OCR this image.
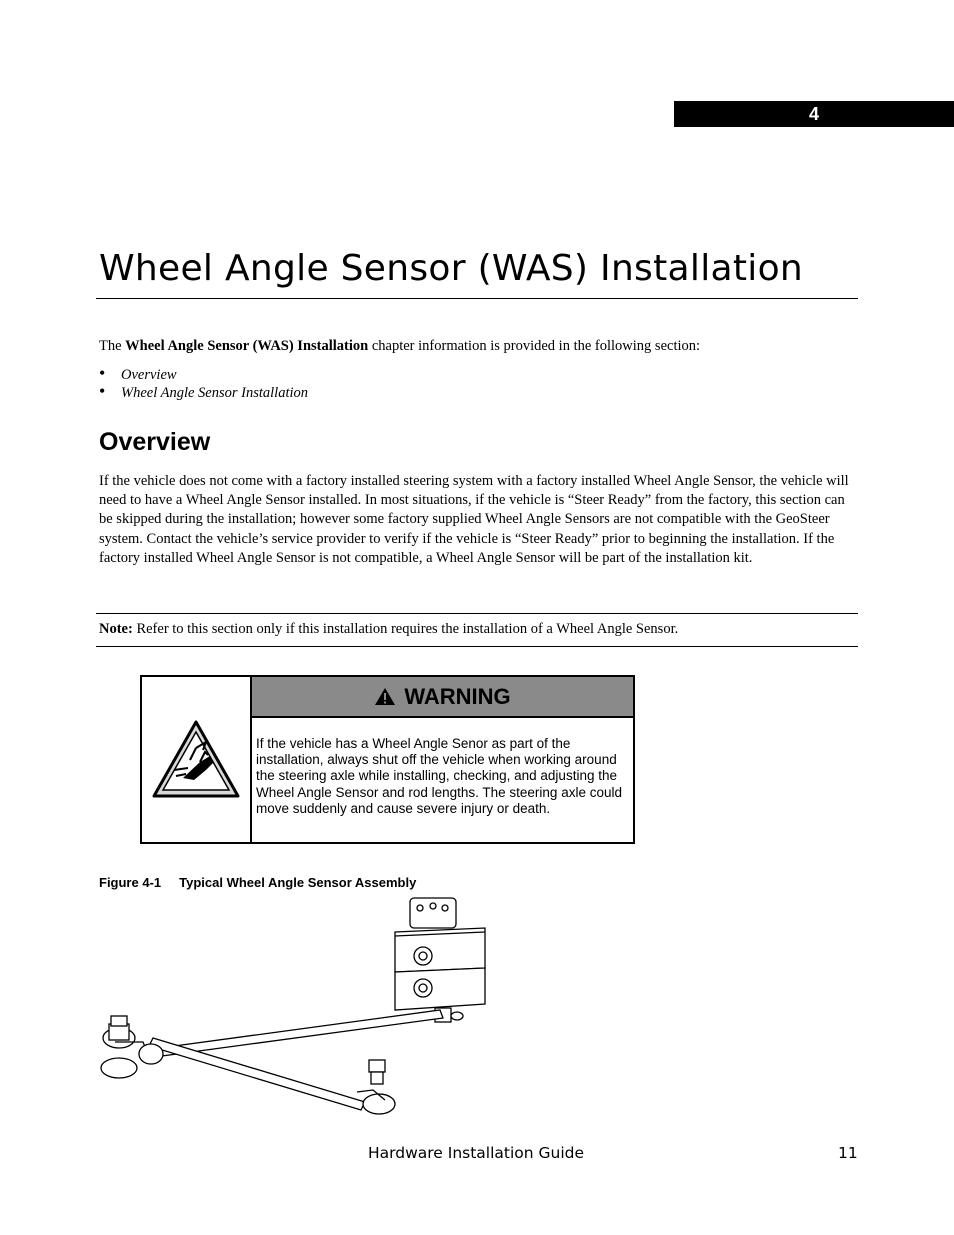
4
Wheel Angle Sensor (WAS) Installation
The Wheel Angle Sensor (WAS) Installation chapter information is provided in the following section:
• Overview
• Wheel Angle Sensor Installation
Overview

If the vehicle does not come with a factory installed steering system with a factory installed Wheel Angle Sensor, the vehicle will need to have a Wheel Angle Sensor installed. In most situations, if the vehicle is “Steer Ready” from the factory, this section can be skipped during the installation; however some factory supplied Wheel Angle Sensors are not compatible with the GeoSteer system. Contact the vehicle’s service provider to verify if the vehicle is “Steer Ready” prior to beginning the installation. If the factory installed Wheel Angle Sensor is not compatible, a Wheel Angle Sensor will be part of the installation kit.

Note: Refer to this section only if this installation requires the installation of a Wheel Angle Sensor.
WARNING
If the vehicle has a Wheel Angle Senor as part of the installation, always shut off the vehicle when working around the steering axle while installing, checking, and adjusting the Wheel Angle Sensor and rod lengths. The steering axle could move suddenly and cause severe injury or death.
Figure 4-1 Typical Wheel Angle Sensor Assembly
Hardware Installation Guide	11
